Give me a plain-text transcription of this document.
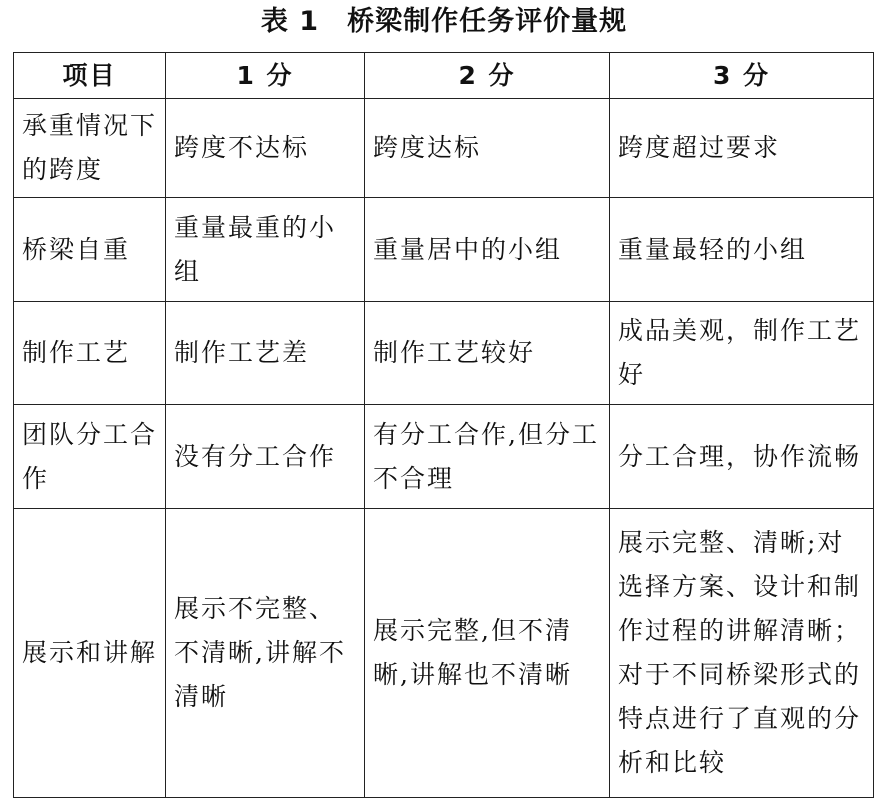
表 1　桥梁制作任务评价量规
项目	1 分	2 分	3 分
承重情况下的跨度	跨度不达标	跨度达标	跨度超过要求
桥梁自重	重量最重的小组	重量居中的小组	重量最轻的小组
制作工艺	制作工艺差	制作工艺较好	成品美观，制作工艺好
团队分工合作	没有分工合作	有分工合作,但分工不合理	分工合理，协作流畅
展示和讲解	展示不完整、不清晰,讲解不清晰	展示完整,但不清晰,讲解也不清晰	展示完整、清晰;对选择方案、设计和制作过程的讲解清晰；对于不同桥梁形式的特点进行了直观的分析和比较
